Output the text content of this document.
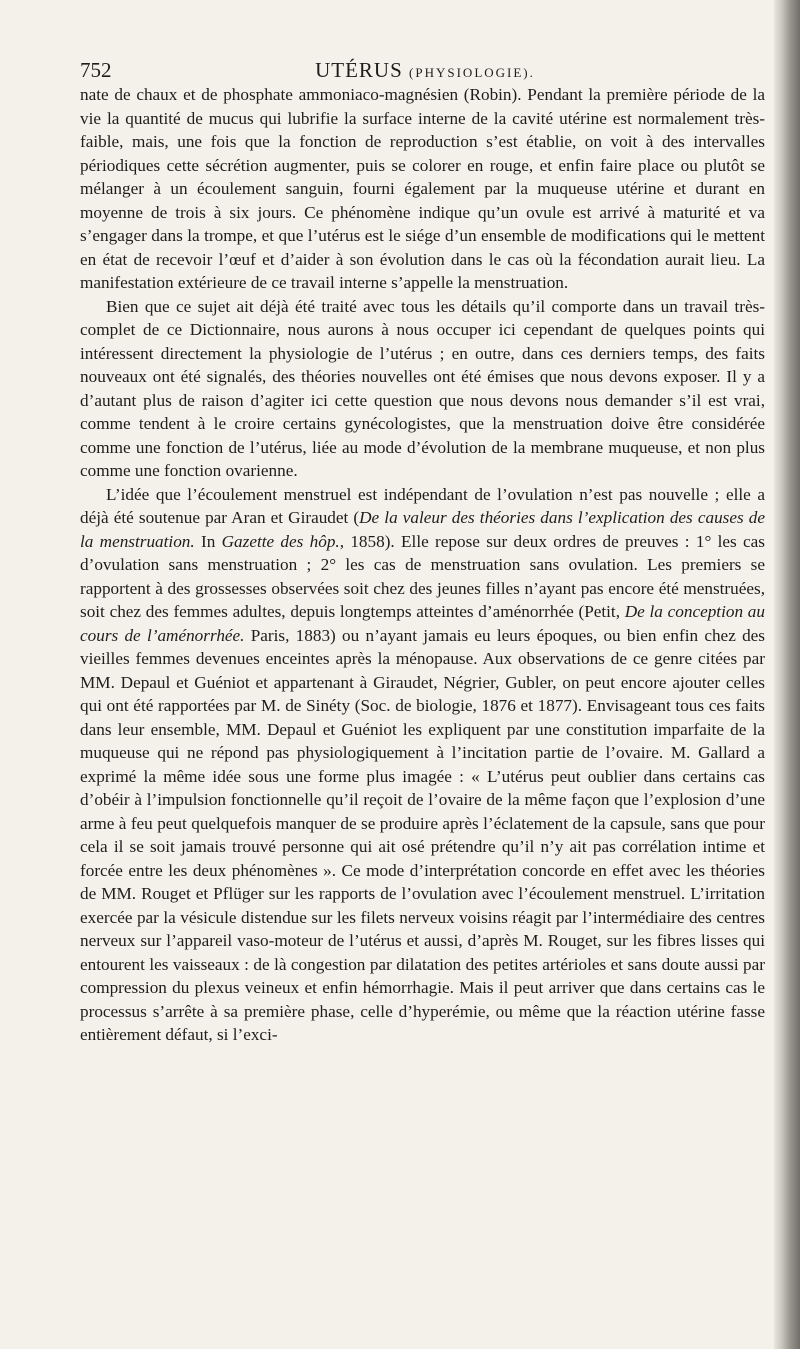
752	UTÉRUS (PHYSIOLOGIE).

nate de chaux et de phosphate ammoniaco-magnésien (Robin). Pendant la première période de la vie la quantité de mucus qui lubrifie la surface interne de la cavité utérine est normalement très-faible, mais, une fois que la fonction de reproduction s’est établie, on voit à des intervalles périodiques cette sécrétion augmenter, puis se colorer en rouge, et enfin faire place ou plutôt se mélanger à un écoulement sanguin, fourni également par la muqueuse utérine et durant en moyenne de trois à six jours. Ce phénomène indique qu’un ovule est arrivé à maturité et va s’engager dans la trompe, et que l’utérus est le siége d’un ensemble de modifications qui le mettent en état de recevoir l’œuf et d’aider à son évolution dans le cas où la fécondation aurait lieu. La manifestation extérieure de ce travail interne s’appelle la menstruation.

Bien que ce sujet ait déjà été traité avec tous les détails qu’il comporte dans un travail très-complet de ce Dictionnaire, nous aurons à nous occuper ici cependant de quelques points qui intéressent directement la physiologie de l’utérus ; en outre, dans ces derniers temps, des faits nouveaux ont été signalés, des théories nouvelles ont été émises que nous devons exposer. Il y a d’autant plus de raison d’agiter ici cette question que nous devons nous demander s’il est vrai, comme tendent à le croire certains gynécologistes, que la menstruation doive être considérée comme une fonction de l’utérus, liée au mode d’évolution de la membrane muqueuse, et non plus comme une fonction ovarienne.

L’idée que l’écoulement menstruel est indépendant de l’ovulation n’est pas nouvelle ; elle a déjà été soutenue par Aran et Giraudet (De la valeur des théories dans l’explication des causes de la menstruation. In Gazette des hôp., 1858). Elle repose sur deux ordres de preuves : 1° les cas d’ovulation sans menstruation ; 2° les cas de menstruation sans ovulation. Les premiers se rapportent à des grossesses observées soit chez des jeunes filles n’ayant pas encore été menstruées, soit chez des femmes adultes, depuis longtemps atteintes d’aménorrhée (Petit, De la conception au cours de l’aménorrhée. Paris, 1883) ou n’ayant jamais eu leurs époques, ou bien enfin chez des vieilles femmes devenues enceintes après la ménopause. Aux observations de ce genre citées par MM. Depaul et Guéniot et appartenant à Giraudet, Négrier, Gubler, on peut encore ajouter celles qui ont été rapportées par M. de Sinéty (Soc. de biologie, 1876 et 1877). Envisageant tous ces faits dans leur ensemble, MM. Depaul et Guéniot les expliquent par une constitution imparfaite de la muqueuse qui ne répond pas physiologiquement à l’incitation partie de l’ovaire. M. Gallard a exprimé la même idée sous une forme plus imagée : « L’utérus peut oublier dans certains cas d’obéir à l’impulsion fonctionnelle qu’il reçoit de l’ovaire de la même façon que l’explosion d’une arme à feu peut quelquefois manquer de se produire après l’éclatement de la capsule, sans que pour cela il se soit jamais trouvé personne qui ait osé prétendre qu’il n’y ait pas corrélation intime et forcée entre les deux phénomènes ». Ce mode d’interprétation concorde en effet avec les théories de MM. Rouget et Pflüger sur les rapports de l’ovulation avec l’écoulement menstruel. L’irritation exercée par la vésicule distendue sur les filets nerveux voisins réagit par l’intermédiaire des centres nerveux sur l’appareil vaso-moteur de l’utérus et aussi, d’après M. Rouget, sur les fibres lisses qui entourent les vaisseaux : de là congestion par dilatation des petites artérioles et sans doute aussi par compression du plexus veineux et enfin hémorrhagie. Mais il peut arriver que dans certains cas le processus s’arrête à sa première phase, celle d’hyperémie, ou même que la réaction utérine fasse entièrement défaut, si l’exci-
